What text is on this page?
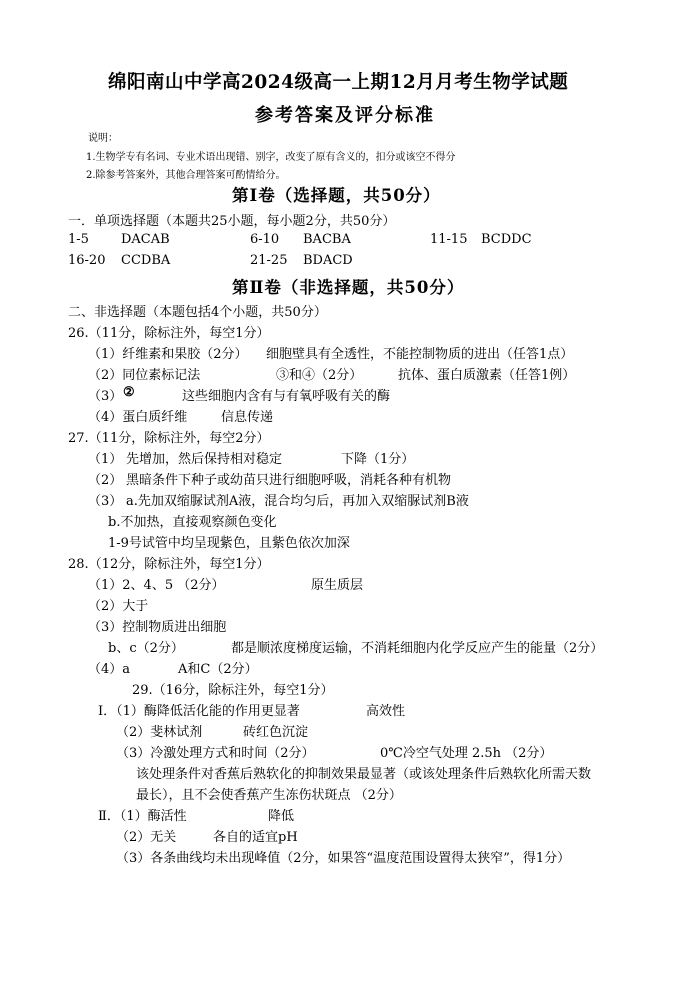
绵阳南山中学高2024级高一上期12月月考生物学试题
参考答案及评分标准
说明：
1.生物学专有名词、专业术语出现错、别字，改变了原有含义的，扣分或该空不得分
2.除参考答案外，其他合理答案可酌情给分。
第Ⅰ卷（选择题，共50分）
一．单项选择题（本题共25小题，每小题2分，共50分）
1-5 DACAB	6-10 BACBA	11-15 BCDDC
16-20 CCDBA	21-25 BDACD
第Ⅱ卷（非选择题，共50分）
二、非选择题（本题包括4个小题，共50分）
26.（11分，除标注外，每空1分）
（1）纤维素和果胶（2分） 细胞壁具有全透性，不能控制物质的进出（任答1点）
（2）同位素标记法	③和④（2分）	抗体、蛋白质激素（任答1例）
（3） ②	这些细胞内含有与有氧呼吸有关的酶
（4）蛋白质纤维	信息传递
27.（11分，除标注外，每空2分）
（1） 先增加，然后保持相对稳定	下降（1分）
（2） 黑暗条件下种子或幼苗只进行细胞呼吸，消耗各种有机物
（3） a.先加双缩脲试剂A液，混合均匀后，再加入双缩脲试剂B液
b.不加热，直接观察颜色变化
1-9号试管中均呈现紫色，且紫色依次加深
28.（12分，除标注外，每空1分）
（1）2、4、5 （2分）	原生质层
（2）大于
（3）控制物质进出细胞
b、c（2分）	都是顺浓度梯度运输，不消耗细胞内化学反应产生的能量（2分）
（4）a	A和C（2分）
29.（16分，除标注外，每空1分）
Ⅰ．（1）酶降低活化能的作用更显著	高效性
（2）斐林试剂	砖红色沉淀
（3）冷激处理方式和时间（2分）	0℃冷空气处理 2.5h （2分）
该处理条件对香蕉后熟软化的抑制效果最显著（或该处理条件后熟软化所需天数
最长），且不会使香蕉产生冻伤状斑点 （2分）
Ⅱ．（1）酶活性	降低
（2）无关	各自的适宜pH
（3）各条曲线均未出现峰值（2分，如果答“温度范围设置得太狭窄”，得1分）
